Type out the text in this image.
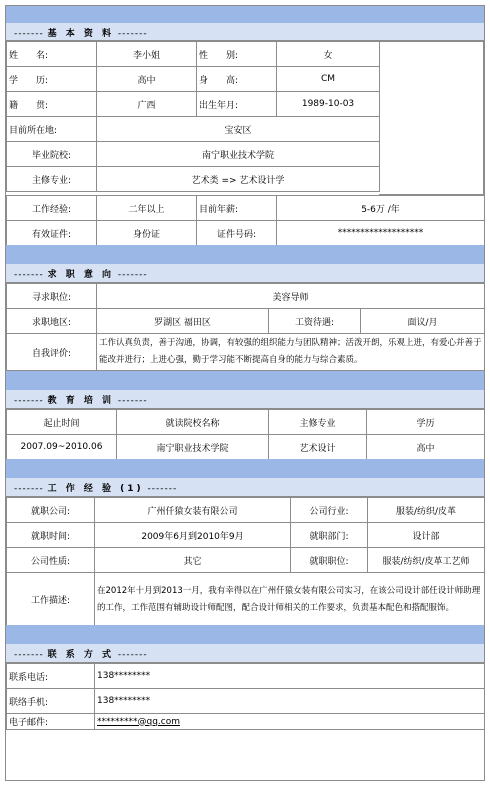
------- 基 本 资 料 -------
姓　　名:	李小姐	性　　别:	女
学　　历:	高中	身　　高:	CM
籍　　贯:	广西	出生年月:	1989-10-03
目前所在地:	宝安区		
毕业院校:	南宁职业技术学院		
主修专业:	艺术类 => 艺术设计学		
工作经验:	二年以上	目前年薪:	5-6万 /年
有效证件:	身份证	证件号码:	*******************
------- 求 职 意 向 -------
寻求职位:	美容导师		
求职地区:	罗湖区 福田区	工资待遇:	面议/月
自我评价:	工作认真负责，善于沟通，协调，有较强的组织能力与团队精神；活泼开朗，乐观上进，有爱心并善于能改并进行；上进心强，勤于学习能不断提高自身的能力与综合素质。		
------- 教 育 培 训 -------
起止时间	就读院校名称	主修专业	学历
2007.09~2010.06	南宁职业技术学院	艺术设计	高中
------- 工 作 经 验 (1) -------
就职公司:	广州仟猿女装有限公司	公司行业:	服装/纺织/皮革
就职时间:	2009年6月到2010年9月	就职部门:	设计部
公司性质:	其它	就职职位:	服装/纺织/皮革工艺师
工作描述:	在2012年十月到2013一月，我有幸得以在广州仟猿女装有限公司实习，在该公司设计部任设计师助理的工作，工作范围有辅助设计师配图，配合设计师相关的工作要求，负责基本配色和搭配服饰。		
------- 联 系 方 式 -------
联系电话:	138********
联络手机:	138********
电子邮件:	*********@qq.com
